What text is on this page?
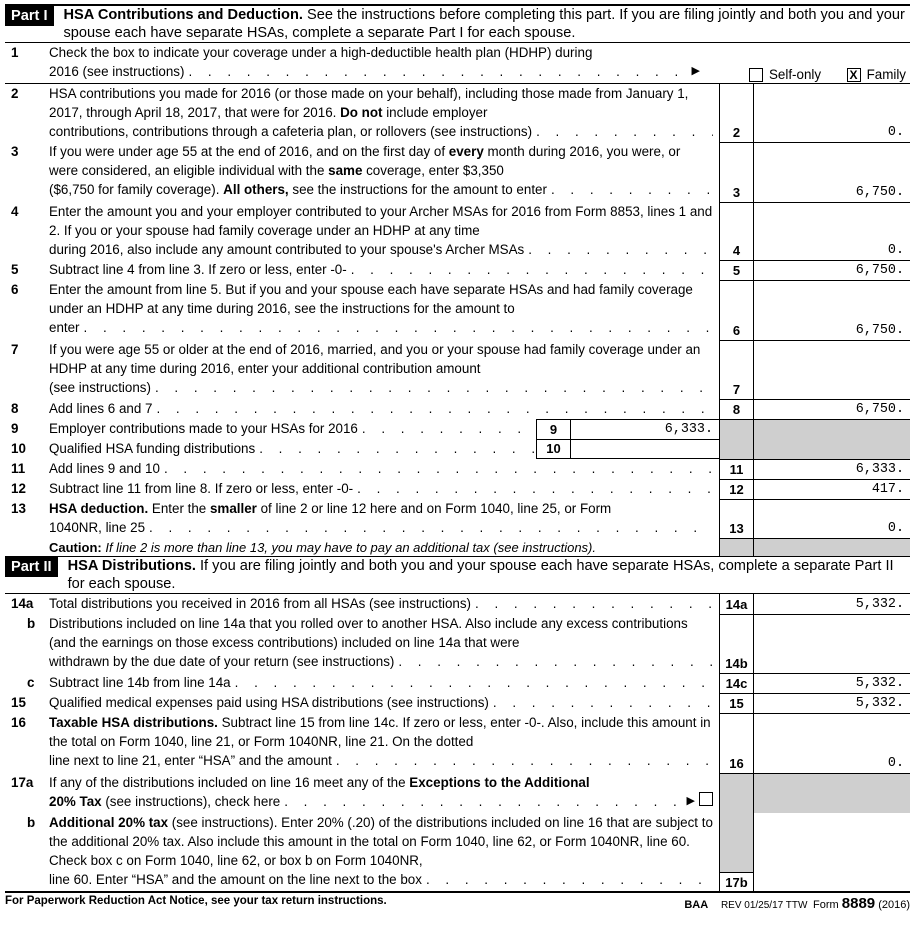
Part I	HSA Contributions and Deduction. See the instructions before completing this part. If you are filing jointly and both you and your spouse each have separate HSAs, complete a separate Part I for each spouse.
1	Check the box to indicate your coverage under a high-deductible health plan (HDHP) during
2016 (see instructions) . . .	▶	Self-only X Family
2	HSA contributions you made for 2016 (or those made on your behalf), including those made from January 1, 2017, through April 18, 2017, that were for 2016. Do not include employer
contributions, contributions through a cafeteria plan, or rollovers (see instructions) . . .	2	0.
3	If you were under age 55 at the end of 2016, and on the first day of every month during 2016, you were, or were considered, an eligible individual with the same coverage, enter $3,350
($6,750 for family coverage). All others, see the instructions for the amount to enter . . .	3	6,750.
4	Enter the amount you and your employer contributed to your Archer MSAs for 2016 from Form 8853, lines 1 and 2. If you or your spouse had family coverage under an HDHP at any time
during 2016, also include any amount contributed to your spouse's Archer MSAs . . .	4	0.
5	Subtract line 4 from line 3. If zero or less, enter -0- . . .	5	6,750.
6	Enter the amount from line 5. But if you and your spouse each have separate HSAs and had family coverage under an HDHP at any time during 2016, see the instructions for the amount to
enter . . .	6	6,750.
7	If you were age 55 or older at the end of 2016, married, and you or your spouse had family coverage under an HDHP at any time during 2016, enter your additional contribution amount
(see instructions) . . .	7
8	Add lines 6 and 7 . . .	8	6,750.
9	Employer contributions made to your HSAs for 2016 . . .	9	6,333.
10	Qualified HSA funding distributions . . .	10
11	Add lines 9 and 10 . . .	11	6,333.
12	Subtract line 11 from line 8. If zero or less, enter -0- . . .	12	417.
13	HSA deduction. Enter the smaller of line 2 or line 12 here and on Form 1040, line 25, or Form
1040NR, line 25 . . .	13	0.
Caution: If line 2 is more than line 13, you may have to pay an additional tax (see instructions).
Part II	HSA Distributions. If you are filing jointly and both you and your spouse each have separate HSAs, complete a separate Part II for each spouse.
14a	Total distributions you received in 2016 from all HSAs (see instructions) . . .	14a	5,332.
b	Distributions included on line 14a that you rolled over to another HSA. Also include any excess contributions (and the earnings on those excess contributions) included on line 14a that were
withdrawn by the due date of your return (see instructions) . . .	14b
c	Subtract line 14b from line 14a . . .	14c	5,332.
15	Qualified medical expenses paid using HSA distributions (see instructions) . . .	15	5,332.
16	Taxable HSA distributions. Subtract line 15 from line 14c. If zero or less, enter -0-. Also, include this amount in the total on Form 1040, line 21, or Form 1040NR, line 21. On the dotted
line next to line 21, enter “HSA” and the amount . . .	16	0.
17a	If any of the distributions included on line 16 meet any of the Exceptions to the Additional
20% Tax (see instructions), check here . . .	▶
b	Additional 20% tax (see instructions). Enter 20% (.20) of the distributions included on line 16 that are subject to the additional 20% tax. Also include this amount in the total on Form 1040, line 62, or Form 1040NR, line 60. Check box c on Form 1040, line 62, or box b on Form 1040NR,
line 60. Enter “HSA” and the amount on the line next to the box . . .	17b
For Paperwork Reduction Act Notice, see your tax return instructions.	BAA REV 01/25/17 TTW Form 8889 (2016)
